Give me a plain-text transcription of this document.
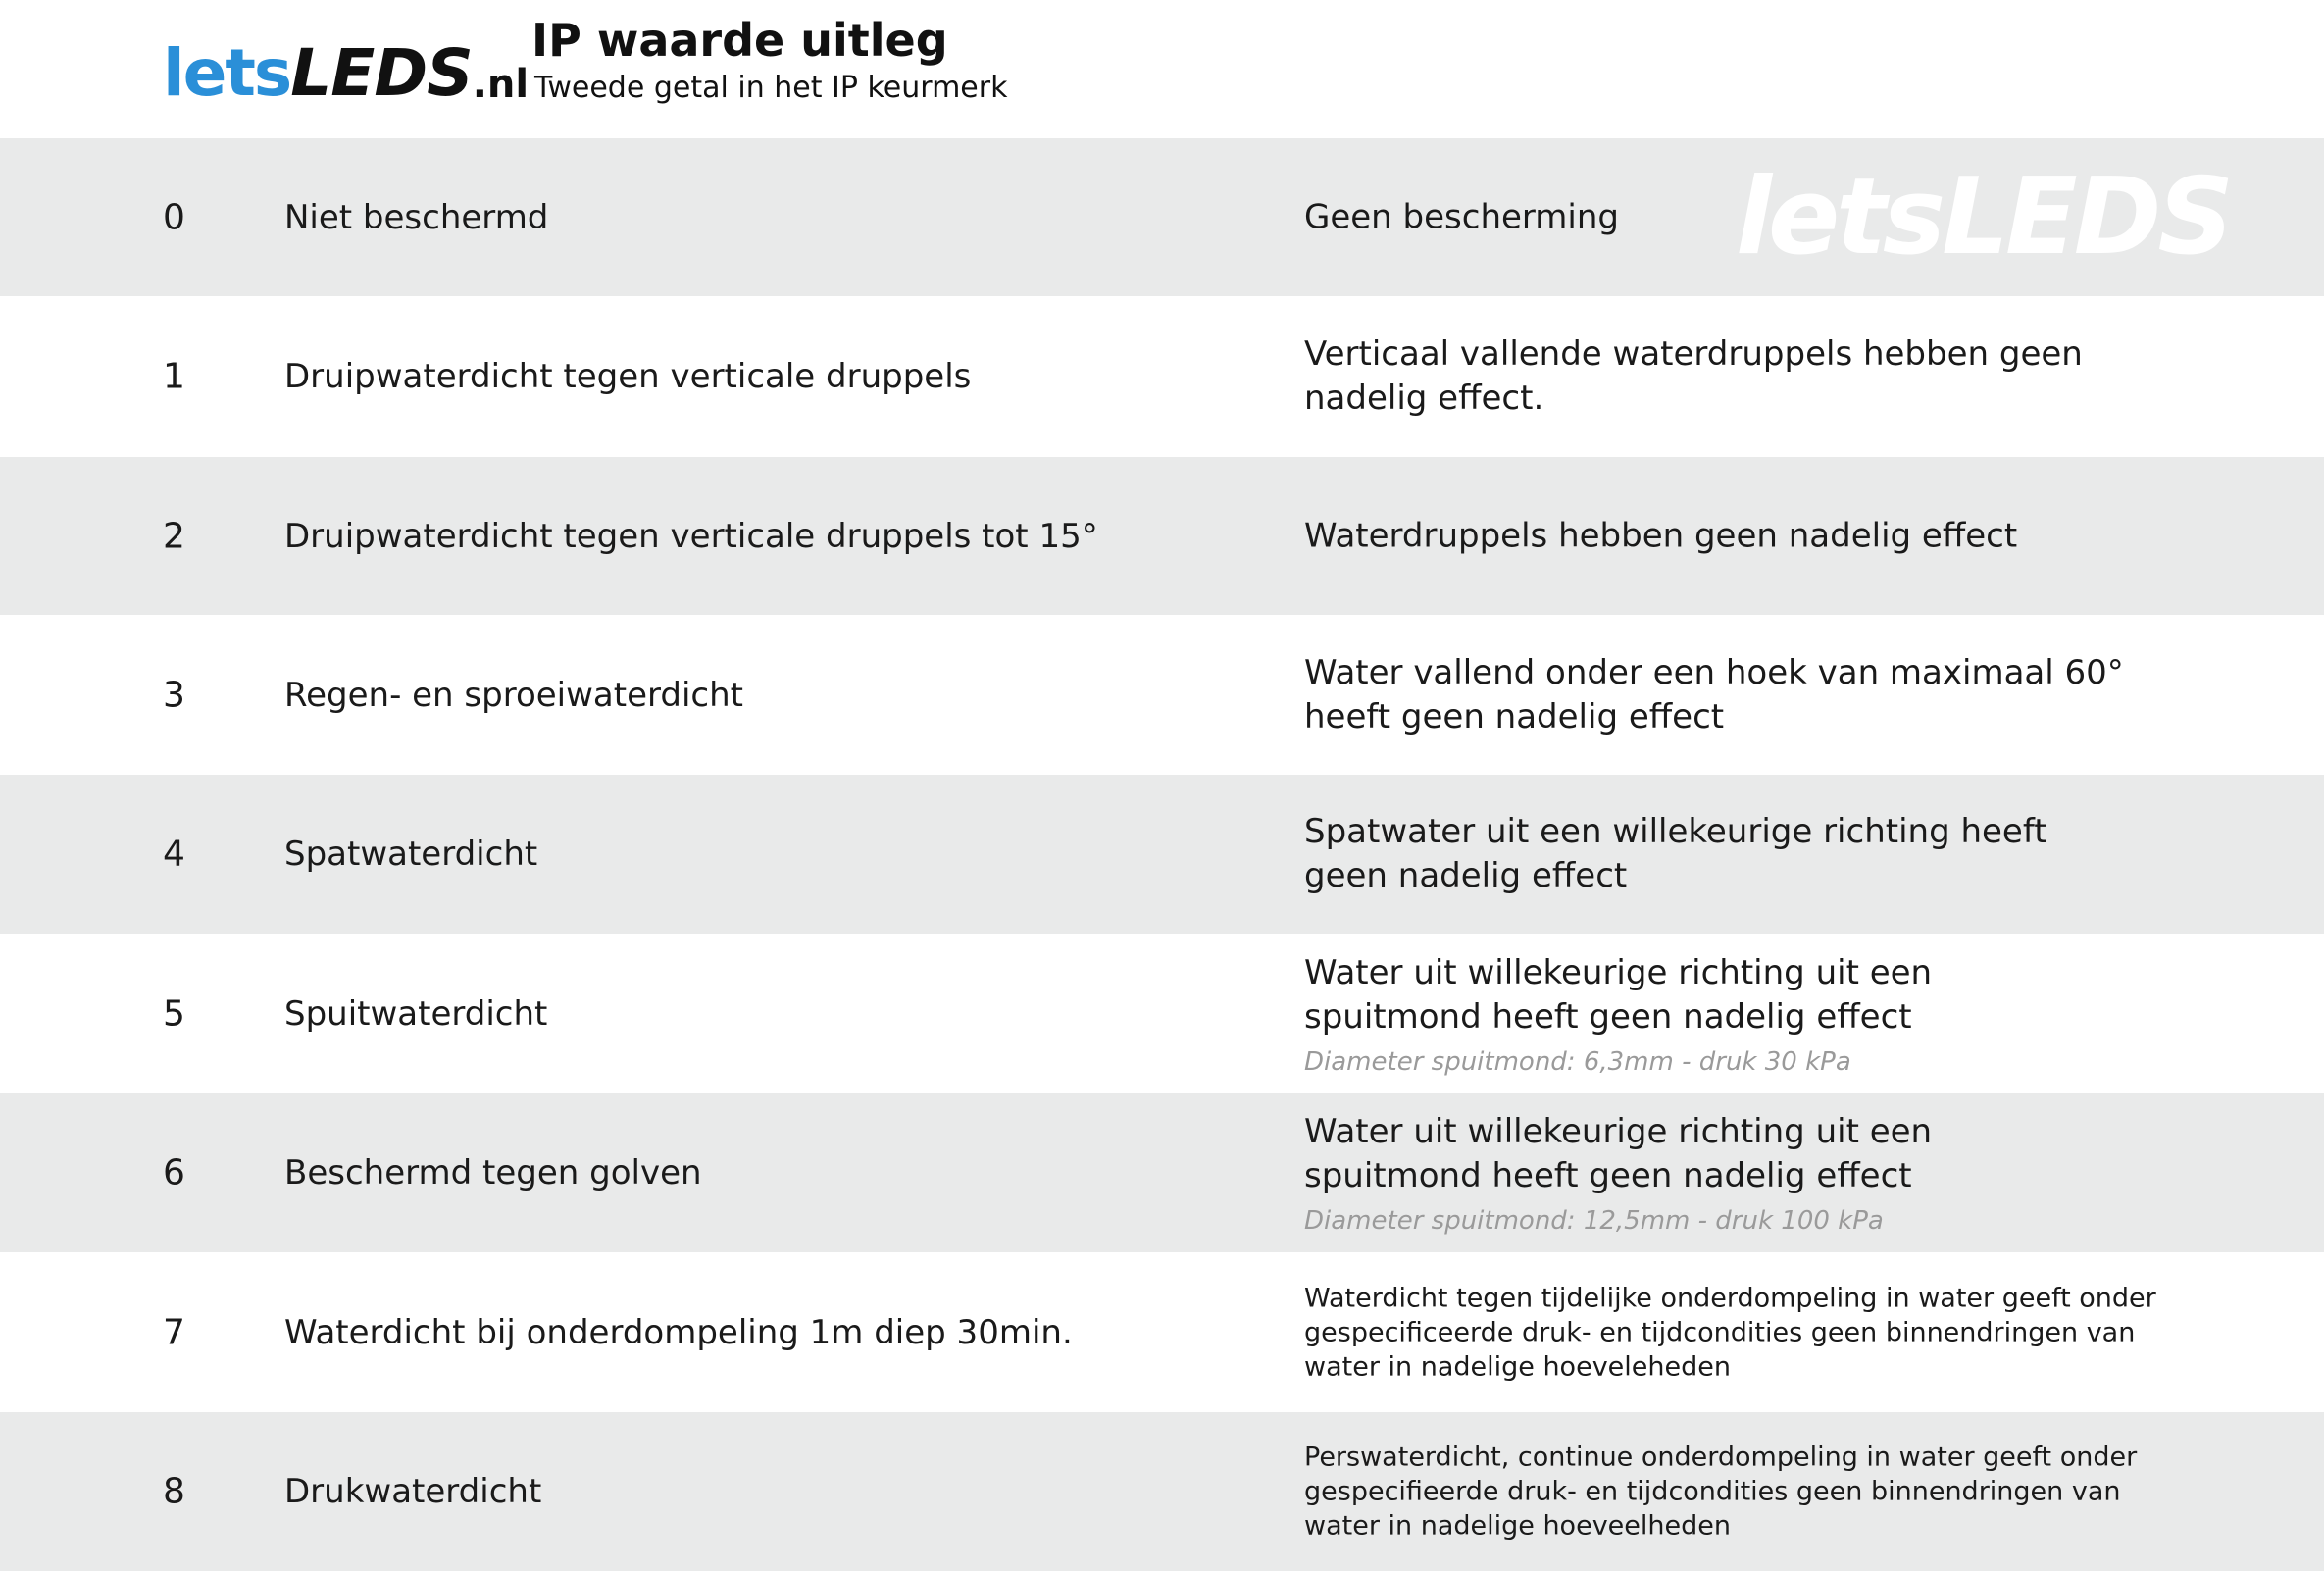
lets LEDS .nl
IP waarde uitleg
Tweede getal in het IP keurmerk
0	Niet beschermd	Geen bescherming	letsLEDS
1	Druipwaterdicht tegen verticale druppels
Verticaal vallende waterdruppels hebben geen
nadelig effect.
2	Druipwaterdicht tegen verticale druppels tot 15°	Waterdruppels hebben geen nadelig effect
3	Regen- en sproeiwaterdicht
Water vallend onder een hoek van maximaal 60°
heeft geen nadelig effect
4	Spatwaterdicht
Spatwater uit een willekeurige richting heeft
geen nadelig effect
5	Spuitwaterdicht
Water uit willekeurige richting uit een
spuitmond heeft geen nadelig effect
Diameter spuitmond: 6,3mm - druk 30 kPa
6	Beschermd tegen golven
Water uit willekeurige richting uit een
spuitmond heeft geen nadelig effect
Diameter spuitmond: 12,5mm - druk 100 kPa
7	Waterdicht bij onderdompeling 1m diep 30min.
Waterdicht tegen tijdelijke onderdompeling in water geeft onder
gespecificeerde druk- en tijdcondities geen binnendringen van
water in nadelige hoeveleheden
8	Drukwaterdicht
Perswaterdicht, continue onderdompeling in water geeft onder
gespecifieerde druk- en tijdcondities geen binnendringen van
water in nadelige hoeveelheden
